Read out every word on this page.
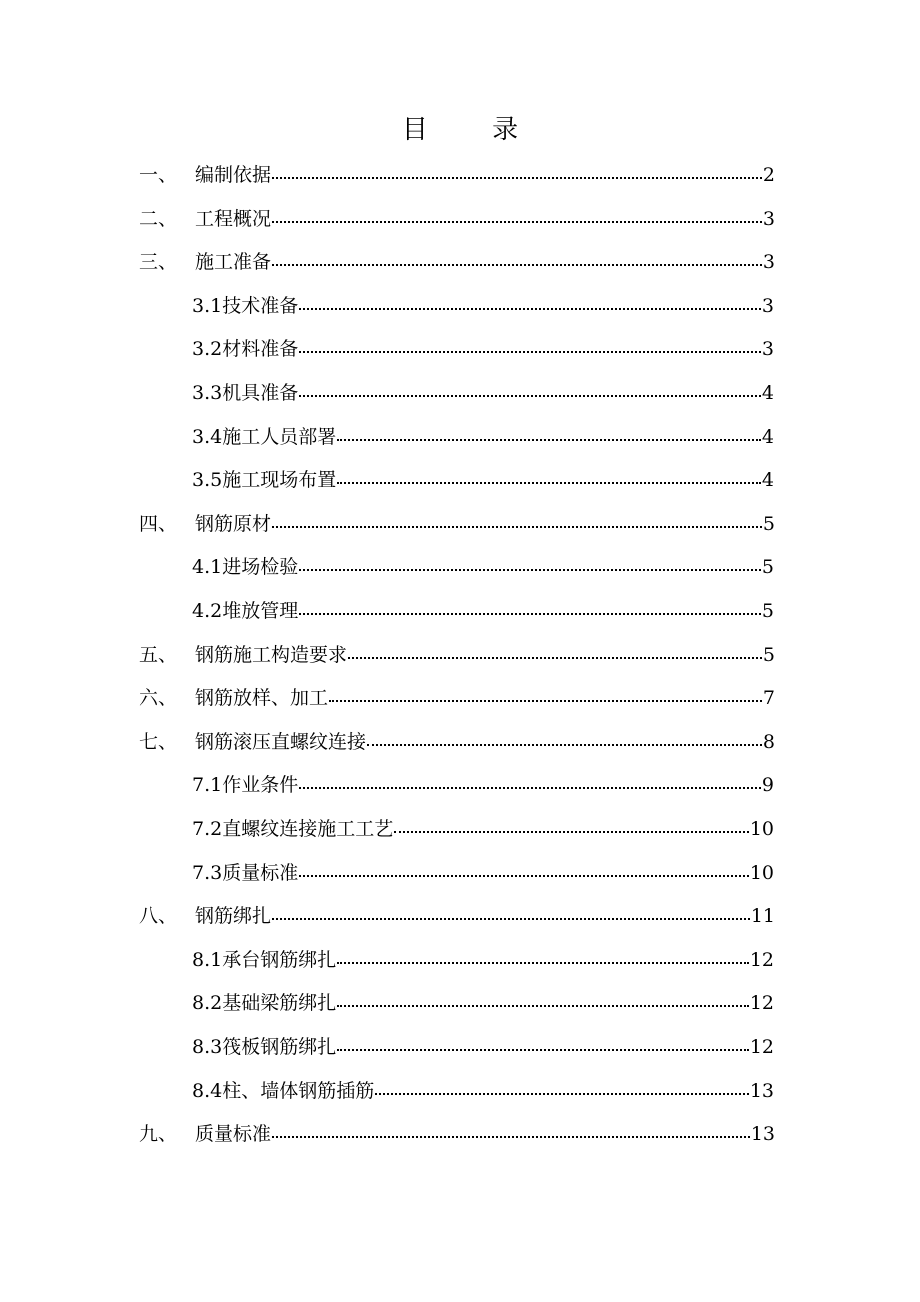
目 录
一、 编制依据	2
二、 工程概况	3
三、 施工准备	3
3.1技术准备	3
3.2材料准备	3
3.3机具准备	4
3.4施工人员部署	4
3.5施工现场布置	4
四、 钢筋原材	5
4.1进场检验	5
4.2堆放管理	5
五、 钢筋施工构造要求	5
六、 钢筋放样、加工	7
七、 钢筋滚压直螺纹连接	8
7.1作业条件	9
7.2直螺纹连接施工工艺	10
7.3质量标准	10
八、 钢筋绑扎	11
8.1承台钢筋绑扎	12
8.2基础梁筋绑扎	12
8.3筏板钢筋绑扎	12
8.4柱、墙体钢筋插筋	13
九、 质量标准	13
